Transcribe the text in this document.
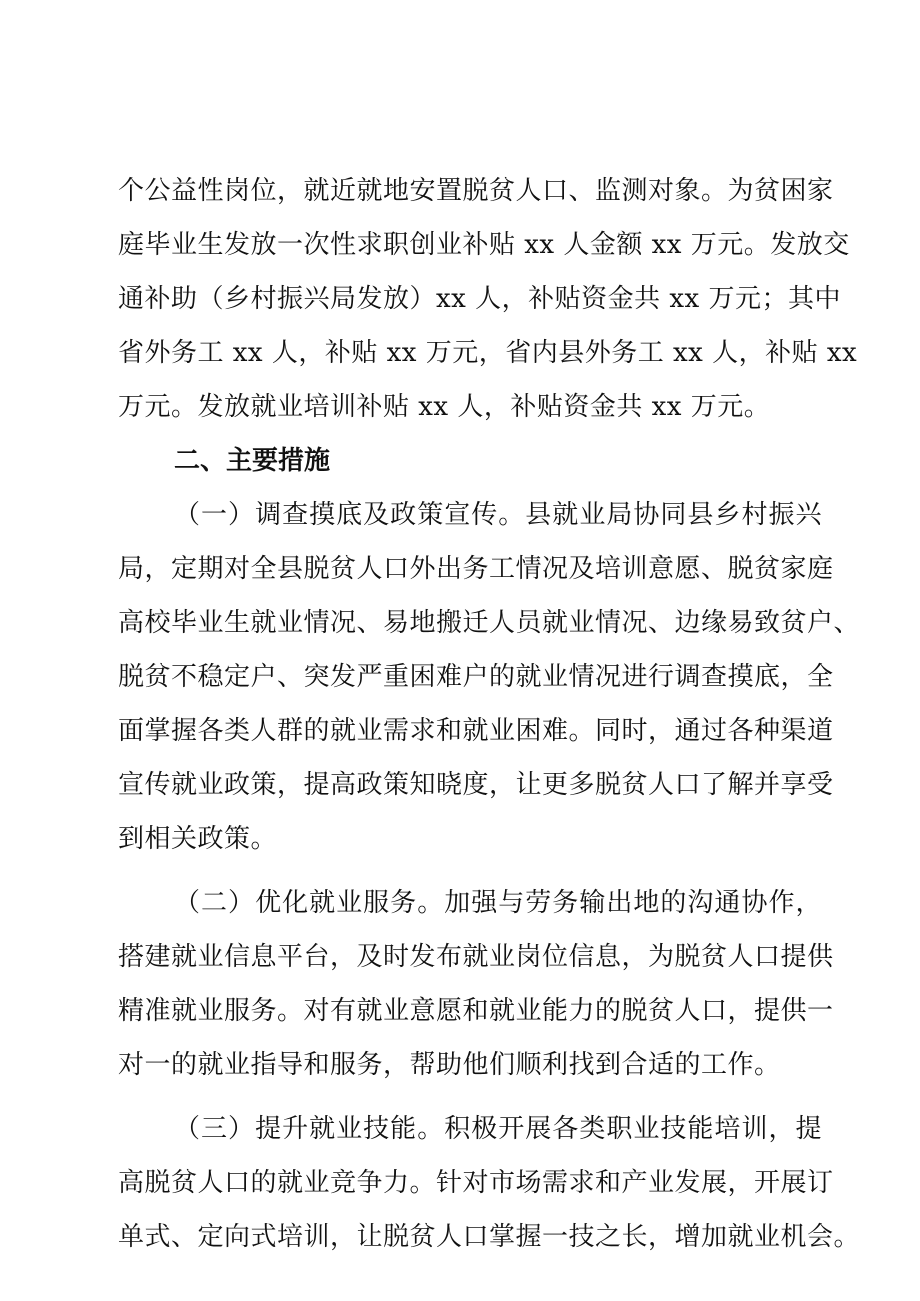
个公益性岗位，就近就地安置脱贫人口、监测对象。为贫困家
庭毕业生发放一次性求职创业补贴 xx 人金额 xx 万元。发放交
通补助（乡村振兴局发放）xx 人，补贴资金共 xx 万元；其中
省外务工 xx 人，补贴 xx 万元，省内县外务工 xx 人，补贴 xx
万元。发放就业培训补贴 xx 人，补贴资金共 xx 万元。
二、主要措施
（一）调查摸底及政策宣传。县就业局协同县乡村振兴
局，定期对全县脱贫人口外出务工情况及培训意愿、脱贫家庭
高校毕业生就业情况、易地搬迁人员就业情况、边缘易致贫户、
脱贫不稳定户、突发严重困难户的就业情况进行调查摸底，全
面掌握各类人群的就业需求和就业困难。同时，通过各种渠道
宣传就业政策，提高政策知晓度，让更多脱贫人口了解并享受
到相关政策。
（二）优化就业服务。加强与劳务输出地的沟通协作，
搭建就业信息平台，及时发布就业岗位信息，为脱贫人口提供
精准就业服务。对有就业意愿和就业能力的脱贫人口，提供一
对一的就业指导和服务，帮助他们顺利找到合适的工作。
（三）提升就业技能。积极开展各类职业技能培训，提
高脱贫人口的就业竞争力。针对市场需求和产业发展，开展订
单式、定向式培训，让脱贫人口掌握一技之长，增加就业机会。
